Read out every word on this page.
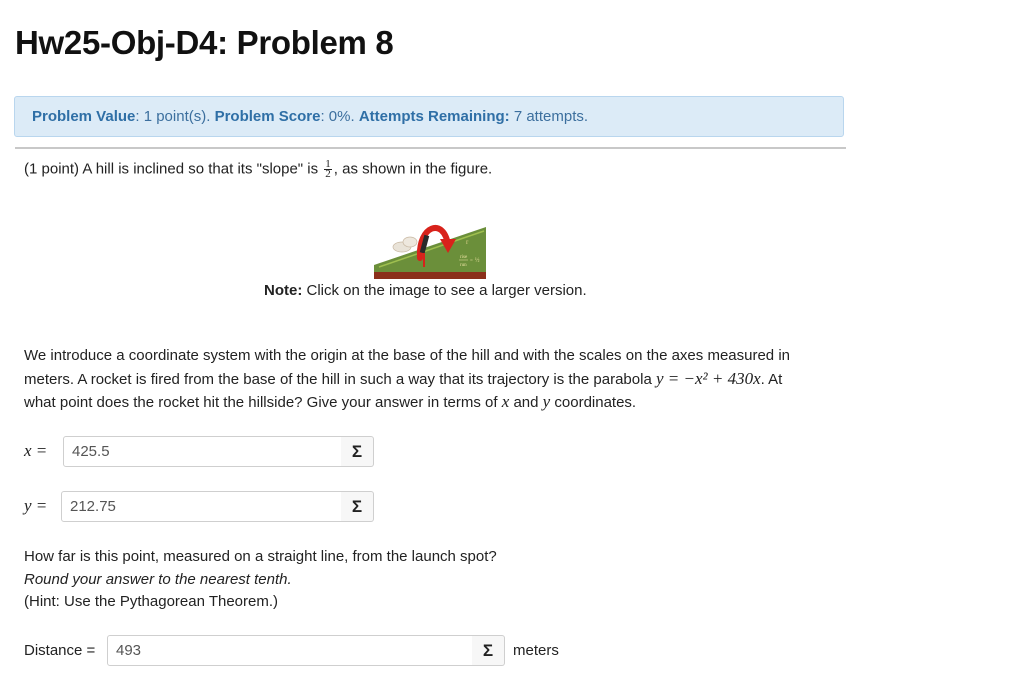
Hw25-Obj-D4: Problem 8
Problem Value: 1 point(s). Problem Score: 0%. Attempts Remaining: 7 attempts.
(1 point) A hill is inclined so that its "slope" is $\frac{1}{2}$ , as shown in the figure.
r
rise
run
= ½
Note: Click on the image to see a larger version.
We introduce a coordinate system with the origin at the base of the hill and with the scales on the axes measured in
meters. A rocket is fired from the base of the hill in such a way that its trajectory is the parabola y = −x² + 430x. At
what point does the rocket hit the hillside? Give your answer in terms of x and y coordinates.
x =
425.5	Σ
y =
212.75	Σ
How far is this point, measured on a straight line, from the launch spot?
Round your answer to the nearest tenth.
(Hint: Use the Pythagorean Theorem.)
Distance =
493	Σ	meters
